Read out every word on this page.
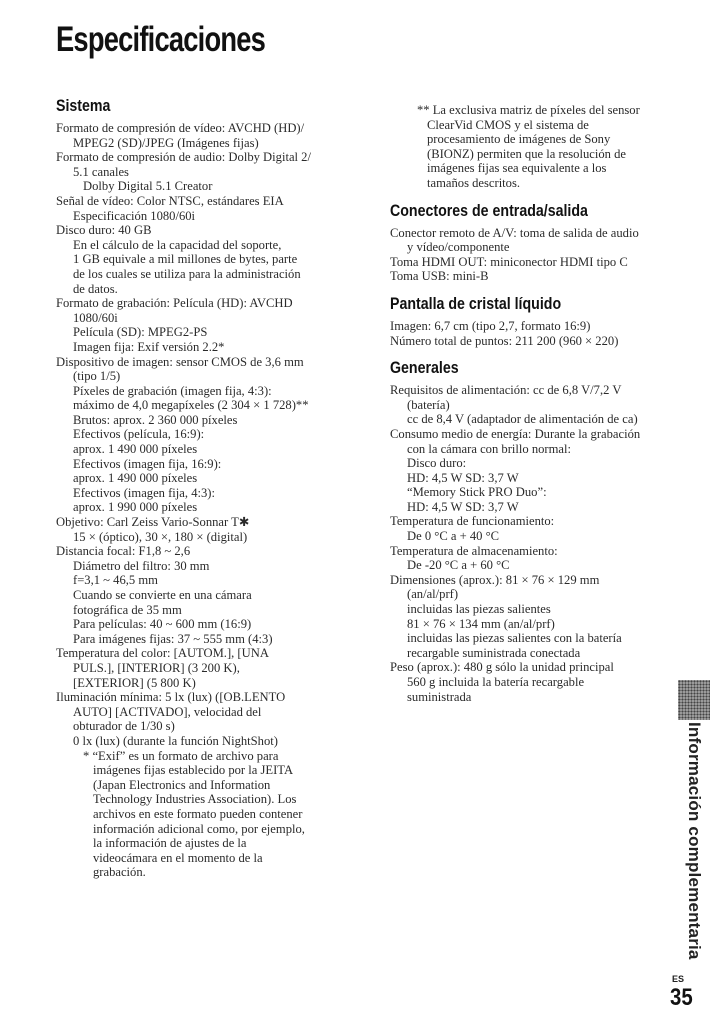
Especificaciones
Sistema
Formato de compresión de vídeo: AVCHD (HD)/
MPEG2 (SD)/JPEG (Imágenes fijas)
Formato de compresión de audio: Dolby Digital 2/
5.1 canales
Dolby Digital 5.1 Creator
Señal de vídeo: Color NTSC, estándares EIA
Especificación 1080/60i
Disco duro: 40 GB
En el cálculo de la capacidad del soporte,
1 GB equivale a mil millones de bytes, parte
de los cuales se utiliza para la administración
de datos.
Formato de grabación: Película (HD): AVCHD
1080/60i
Película (SD): MPEG2-PS
Imagen fija: Exif versión 2.2*
Dispositivo de imagen: sensor CMOS de 3,6 mm
(tipo 1/5)
Píxeles de grabación (imagen fija, 4:3):
máximo de 4,0 megapíxeles (2 304 × 1 728)**
Brutos: aprox. 2 360 000 píxeles
Efectivos (película, 16:9):
aprox. 1 490 000 píxeles
Efectivos (imagen fija, 16:9):
aprox. 1 490 000 píxeles
Efectivos (imagen fija, 4:3):
aprox. 1 990 000 píxeles
Objetivo: Carl Zeiss Vario-Sonnar T✱
15 × (óptico), 30 ×, 180 × (digital)
Distancia focal: F1,8 ~ 2,6
Diámetro del filtro: 30 mm
f=3,1 ~ 46,5 mm
Cuando se convierte en una cámara
fotográfica de 35 mm
Para películas: 40 ~ 600 mm (16:9)
Para imágenes fijas: 37 ~ 555 mm (4:3)
Temperatura del color: [AUTOM.], [UNA
PULS.], [INTERIOR] (3 200 K),
[EXTERIOR] (5 800 K)
Iluminación mínima: 5 lx (lux) ([OB.LENTO
AUTO] [ACTIVADO], velocidad del
obturador de 1/30 s)
0 lx (lux) (durante la función NightShot)
* “Exif” es un formato de archivo para
imágenes fijas establecido por la JEITA
(Japan Electronics and Information
Technology Industries Association). Los
archivos en este formato pueden contener
información adicional como, por ejemplo,
la información de ajustes de la
videocámara en el momento de la
grabación.
** La exclusiva matriz de píxeles del sensor
ClearVid CMOS y el sistema de
procesamiento de imágenes de Sony
(BIONZ) permiten que la resolución de
imágenes fijas sea equivalente a los
tamaños descritos.
Conectores de entrada/salida
Conector remoto de A/V: toma de salida de audio
y vídeo/componente
Toma HDMI OUT: miniconector HDMI tipo C
Toma USB: mini-B
Pantalla de cristal líquido
Imagen: 6,7 cm (tipo 2,7, formato 16:9)
Número total de puntos: 211 200 (960 × 220)
Generales
Requisitos de alimentación: cc de 6,8 V/7,2 V
(batería)
cc de 8,4 V (adaptador de alimentación de ca)
Consumo medio de energía: Durante la grabación
con la cámara con brillo normal:
Disco duro:
HD: 4,5 W SD: 3,7 W
“Memory Stick PRO Duo”:
HD: 4,5 W SD: 3,7 W
Temperatura de funcionamiento:
De 0 °C a + 40 °C
Temperatura de almacenamiento:
De -20 °C a + 60 °C
Dimensiones (aprox.): 81 × 76 × 129 mm
(an/al/prf)
incluidas las piezas salientes
81 × 76 × 134 mm (an/al/prf)
incluidas las piezas salientes con la batería
recargable suministrada conectada
Peso (aprox.): 480 g sólo la unidad principal
560 g incluida la batería recargable
suministrada
Información complementaria
ES
35
